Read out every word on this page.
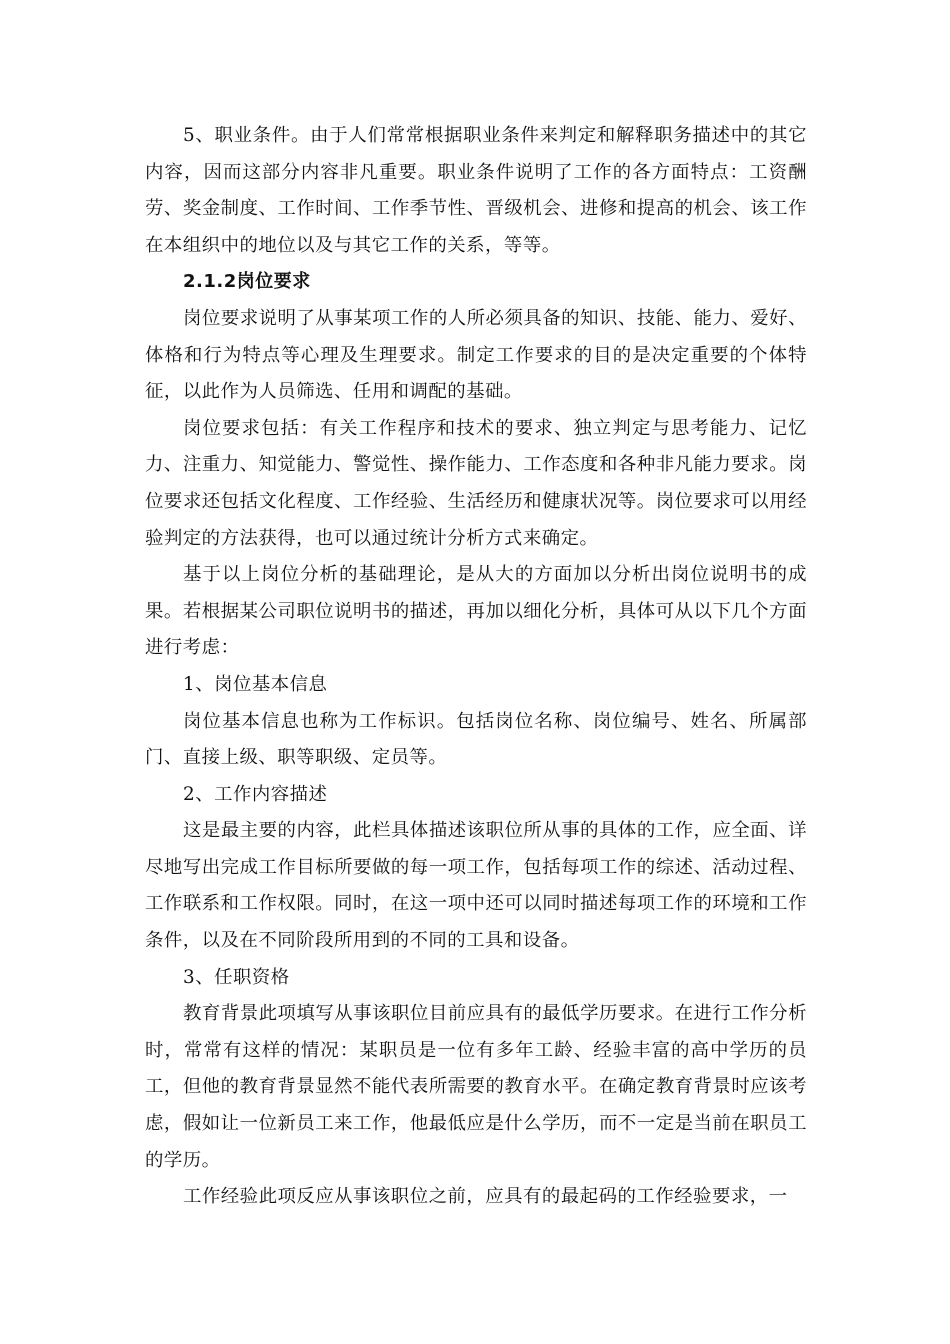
5、职业条件。由于人们常常根据职业条件来判定和解释职务描述中的其它内容，因而这部分内容非凡重要。职业条件说明了工作的各方面特点：工资酬劳、奖金制度、工作时间、工作季节性、晋级机会、进修和提高的机会、该工作在本组织中的地位以及与其它工作的关系，等等。

2.1.2岗位要求

岗位要求说明了从事某项工作的人所必须具备的知识、技能、能力、爱好、体格和行为特点等心理及生理要求。制定工作要求的目的是决定重要的个体特征，以此作为人员筛选、任用和调配的基础。

岗位要求包括：有关工作程序和技术的要求、独立判定与思考能力、记忆力、注重力、知觉能力、警觉性、操作能力、工作态度和各种非凡能力要求。岗位要求还包括文化程度、工作经验、生活经历和健康状况等。岗位要求可以用经验判定的方法获得，也可以通过统计分析方式来确定。

基于以上岗位分析的基础理论，是从大的方面加以分析出岗位说明书的成果。若根据某公司职位说明书的描述，再加以细化分析，具体可从以下几个方面进行考虑：

1、岗位基本信息

岗位基本信息也称为工作标识。包括岗位名称、岗位编号、姓名、所属部门、直接上级、职等职级、定员等。

2、工作内容描述

这是最主要的内容，此栏具体描述该职位所从事的具体的工作，应全面、详尽地写出完成工作目标所要做的每一项工作，包括每项工作的综述、活动过程、工作联系和工作权限。同时，在这一项中还可以同时描述每项工作的环境和工作条件，以及在不同阶段所用到的不同的工具和设备。

3、任职资格

教育背景此项填写从事该职位目前应具有的最低学历要求。在进行工作分析时，常常有这样的情况：某职员是一位有多年工龄、经验丰富的高中学历的员工，但他的教育背景显然不能代表所需要的教育水平。在确定教育背景时应该考虑，假如让一位新员工来工作，他最低应是什么学历，而不一定是当前在职员工的学历。

工作经验此项反应从事该职位之前，应具有的最起码的工作经验要求，一
